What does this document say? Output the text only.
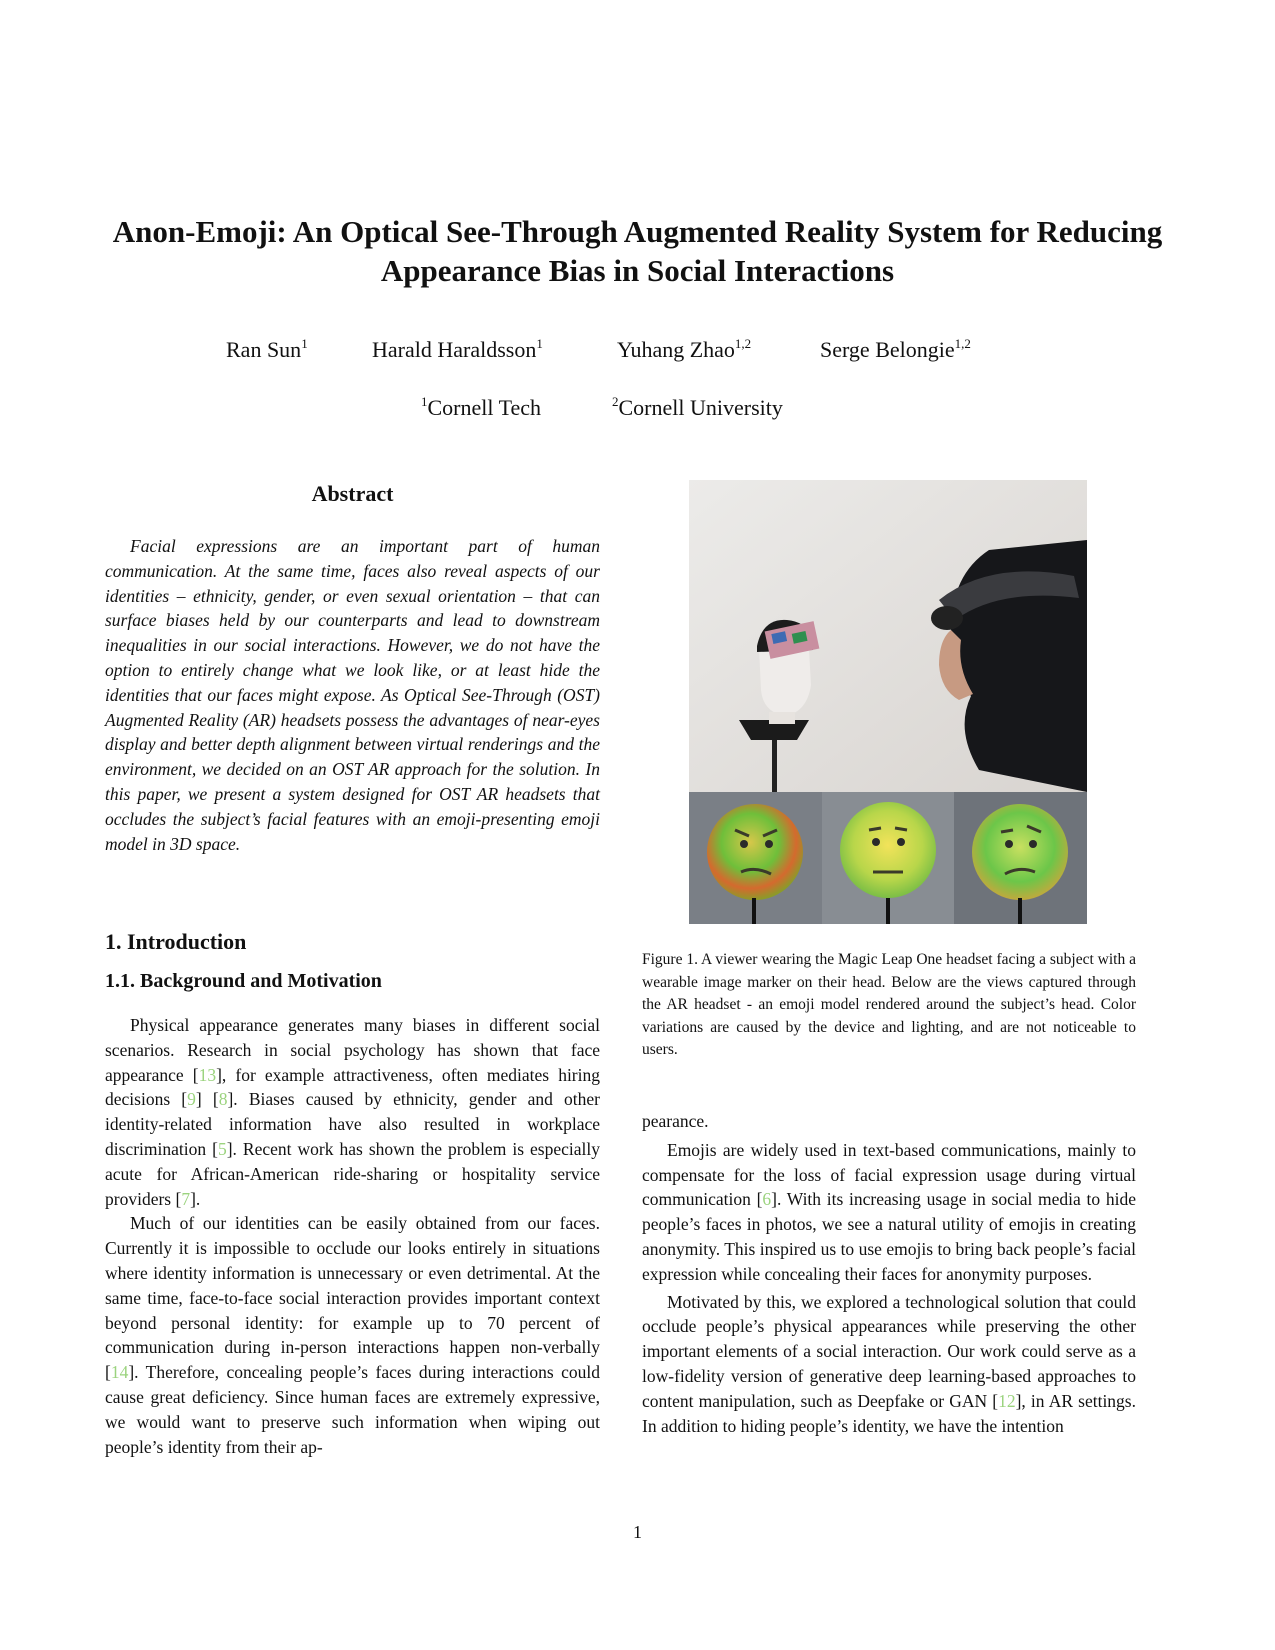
Anon-Emoji: An Optical See-Through Augmented Reality System for Reducing
Appearance Bias in Social Interactions
Ran Sun$^1$	Harald Haraldsson$^1$	Yuhang Zhao$^{1,2}$	Serge Belongie$^{1,2}$
$^1$Cornell Tech	$^2$Cornell University
Abstract

Facial expressions are an important part of human communication. At the same time, faces also reveal aspects of our identities – ethnicity, gender, or even sexual orientation – that can surface biases held by our counterparts and lead to downstream inequalities in our social interactions. However, we do not have the option to entirely change what we look like, or at least hide the identities that our faces might expose. As Optical See-Through (OST) Augmented Reality (AR) headsets possess the advantages of near-eyes display and better depth alignment between virtual renderings and the environment, we decided on an OST AR approach for the solution. In this paper, we present a system designed for OST AR headsets that occludes the subject’s facial features with an emoji-presenting emoji model in 3D space.

1. Introduction
1.1. Background and Motivation

Physical appearance generates many biases in different social scenarios. Research in social psychology has shown that face appearance [13], for example attractiveness, often mediates hiring decisions [9] [8]. Biases caused by ethnicity, gender and other identity-related information have also resulted in workplace discrimination [5]. Recent work has shown the problem is especially acute for African-American ride-sharing or hospitality service providers [7].

Much of our identities can be easily obtained from our faces. Currently it is impossible to occlude our looks entirely in situations where identity information is unnecessary or even detrimental. At the same time, face-to-face social interaction provides important context beyond personal identity: for example up to 70 percent of communication during in-person interactions happen non-verbally [14]. Therefore, concealing people’s faces during interactions could cause great deficiency. Since human faces are extremely expressive, we would want to preserve such information when wiping out people’s identity from their ap-

Figure 1. A viewer wearing the Magic Leap One headset facing a subject with a wearable image marker on their head. Below are the views captured through the AR headset - an emoji model rendered around the subject’s head. Color variations are caused by the device and lighting, and are not noticeable to users.

pearance.

Emojis are widely used in text-based communications, mainly to compensate for the loss of facial expression usage during virtual communication [6]. With its increasing usage in social media to hide people’s faces in photos, we see a natural utility of emojis in creating anonymity. This inspired us to use emojis to bring back people’s facial expression while concealing their faces for anonymity purposes.

Motivated by this, we explored a technological solution that could occlude people’s physical appearances while preserving the other important elements of a social interaction. Our work could serve as a low-fidelity version of generative deep learning-based approaches to content manipulation, such as Deepfake or GAN [12], in AR settings. In addition to hiding people’s identity, we have the intention

1
